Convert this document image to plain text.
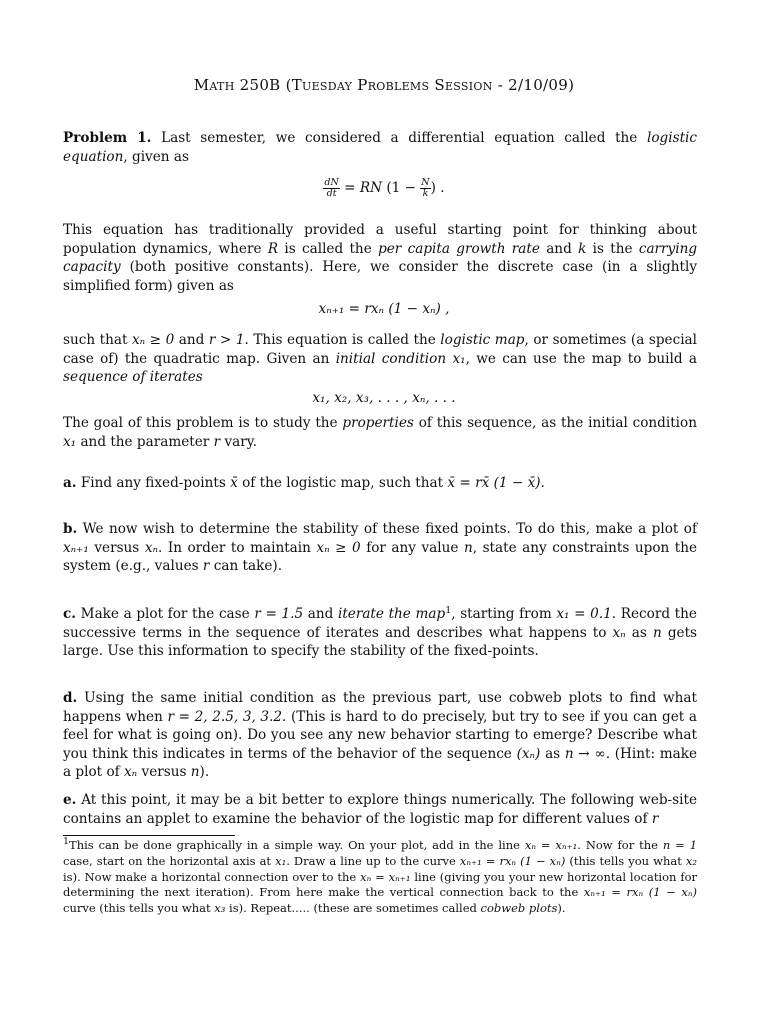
Math 250B (Tuesday Problems Session - 2/10/09)
Problem 1. Last semester, we considered a differential equation called the logistic equation, given as
$\frac{dN}{dt}$ = RN ($1 - \frac{N}{k}$ ) .
This equation has traditionally provided a useful starting point for thinking about population dynamics, where R is called the per capita growth rate and k is the carrying capacity (both positive constants). Here, we consider the discrete case (in a slightly simplified form) given as
xₙ₊₁ = rxₙ (1 − xₙ) ,
such that xₙ ≥ 0 and r > 1. This equation is called the logistic map, or sometimes (a special case of) the quadratic map. Given an initial condition x₁, we can use the map to build a sequence of iterates
x₁, x₂, x₃, . . . , xₙ, . . .
The goal of this problem is to study the properties of this sequence, as the initial condition x₁ and the parameter r vary.
a. Find any fixed-points x̄ of the logistic map, such that x̄ = rx̄ (1 − x̄).
b. We now wish to determine the stability of these fixed points. To do this, make a plot of xₙ₊₁ versus xₙ. In order to maintain xₙ ≥ 0 for any value n, state any constraints upon the system (e.g., values r can take).
c. Make a plot for the case r = 1.5 and iterate the map$^1$, starting from x₁ = 0.1. Record the successive terms in the sequence of iterates and describes what happens to xₙ as n gets large. Use this information to specify the stability of the fixed-points.
d. Using the same initial condition as the previous part, use cobweb plots to find what happens when r = 2, 2.5, 3, 3.2. (This is hard to do precisely, but try to see if you can get a feel for what is going on). Do you see any new behavior starting to emerge? Describe what you think this indicates in terms of the behavior of the sequence (xₙ) as n → ∞. (Hint: make a plot of xₙ versus n).
e. At this point, it may be a bit better to explore things numerically. The following web-site contains an applet to examine the behavior of the logistic map for different values of r
$^1$This can be done graphically in a simple way. On your plot, add in the line xₙ = xₙ₊₁. Now for the n = 1 case, start on the horizontal axis at x₁. Draw a line up to the curve xₙ₊₁ = rxₙ (1 − xₙ) (this tells you what x₂ is). Now make a horizontal connection over to the xₙ = xₙ₊₁ line (giving you your new horizontal location for determining the next iteration). From here make the vertical connection back to the xₙ₊₁ = rxₙ (1 − xₙ) curve (this tells you what x₃ is). Repeat..... (these are sometimes called cobweb plots).
